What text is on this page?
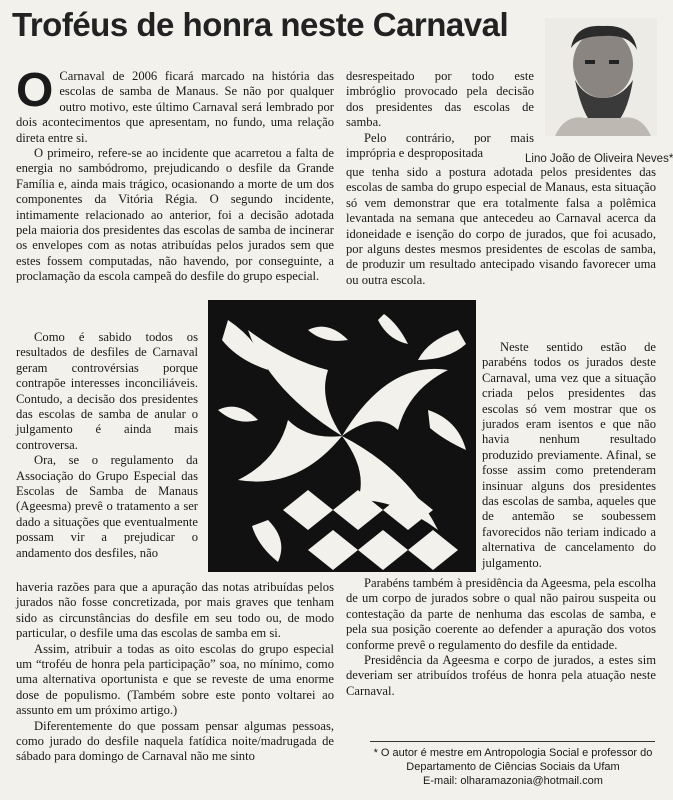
Troféus de honra neste Carnaval
Lino João de Oliveira Neves*

O Carnaval de 2006 ficará marcado na história das escolas de samba de Manaus. Se não por qualquer outro motivo, este último Carnaval será lembrado por dois acontecimentos que apresentam, no fundo, uma relação direta entre si.

O primeiro, refere-se ao incidente que acarretou a falta de energia no sambódromo, prejudicando o desfile da Grande Família e, ainda mais trágico, ocasionando a morte de um dos componentes da Vitória Régia. O segundo incidente, intimamente relacionado ao anterior, foi a decisão adotada pela maioria dos presidentes das escolas de samba de incinerar os envelopes com as notas atribuídas pelos jurados sem que estes fossem computadas, não havendo, por conseguinte, a proclamação da escola campeã do desfile do grupo especial.

Como é sabido todos os resultados de desfiles de Carnaval geram controvérsias porque contrapõe interesses inconciliáveis. Contudo, a decisão dos presidentes das escolas de samba de anular o julgamento é ainda mais controversa.

Ora, se o regulamento da Associação do Grupo Especial das Escolas de Samba de Manaus (Ageesma) prevê o tratamento a ser dado a situações que eventualmente possam vir a prejudicar o andamento dos desfiles, não

haveria razões para que a apuração das notas atribuídas pelos jurados não fosse concretizada, por mais graves que tenham sido as circunstâncias do desfile em seu todo ou, de modo particular, o desfile uma das escolas de samba em si.

Assim, atribuir a todas as oito escolas do grupo especial um “troféu de honra pela participação” soa, no mínimo, como uma alternativa oportunista e que se reveste de uma enorme dose de populismo. (Também sobre este ponto voltarei ao assunto em um próximo artigo.)

Diferentemente do que possam pensar algumas pessoas, como jurado do desfile naquela fatídica noite/madrugada de sábado para domingo de Carnaval não me sinto

desrespeitado por todo este imbróglio provocado pela decisão dos presidentes das escolas de samba.

Pelo contrário, por mais imprópria e despropositada

que tenha sido a postura adotada pelos presidentes das escolas de samba do grupo especial de Manaus, esta situação só vem demonstrar que era totalmente falsa a polêmica levantada na semana que antecedeu ao Carnaval acerca da idoneidade e isenção do corpo de jurados, que foi acusado, por alguns destes mesmos presidentes de escolas de samba, de produzir um resultado antecipado visando favorecer uma ou outra escola.

Neste sentido estão de parabéns todos os jurados deste Carnaval, uma vez que a situação criada pelos presidentes das escolas só vem mostrar que os jurados eram isentos e que não havia nenhum resultado produzido previamente. Afinal, se fosse assim como pretenderam insinuar alguns dos presidentes das escolas de samba, aqueles que de antemão se soubessem favorecidos não teriam indicado a alternativa de cancelamento do julgamento.

Parabéns também à presidência da Ageesma, pela escolha de um corpo de jurados sobre o qual não pairou suspeita ou contestação da parte de nenhuma das escolas de samba, e pela sua posição coerente ao defender a apuração dos votos conforme prevê o regulamento do desfile da entidade.

Presidência da Ageesma e corpo de jurados, a estes sim deveriam ser atribuídos troféus de honra pela atuação neste Carnaval.

* O autor é mestre em Antropologia Social e professor do
Departamento de Ciências Sociais da Ufam
E-mail: olharamazonia@hotmail.com
